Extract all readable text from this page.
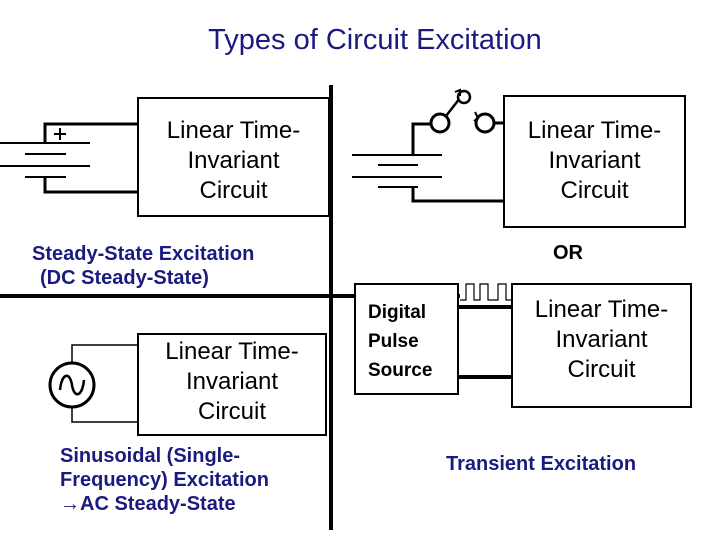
Types of Circuit Excitation
Linear Time-
Invariant
Circuit
Steady-State Excitation
(DC Steady-State)
Linear Time-
Invariant
Circuit
OR
Linear Time-
Invariant
Circuit
Sinusoidal (Single-
Frequency) Excitation
→AC Steady-State
Digital
Pulse
Source
Linear Time-
Invariant
Circuit
Transient Excitation
